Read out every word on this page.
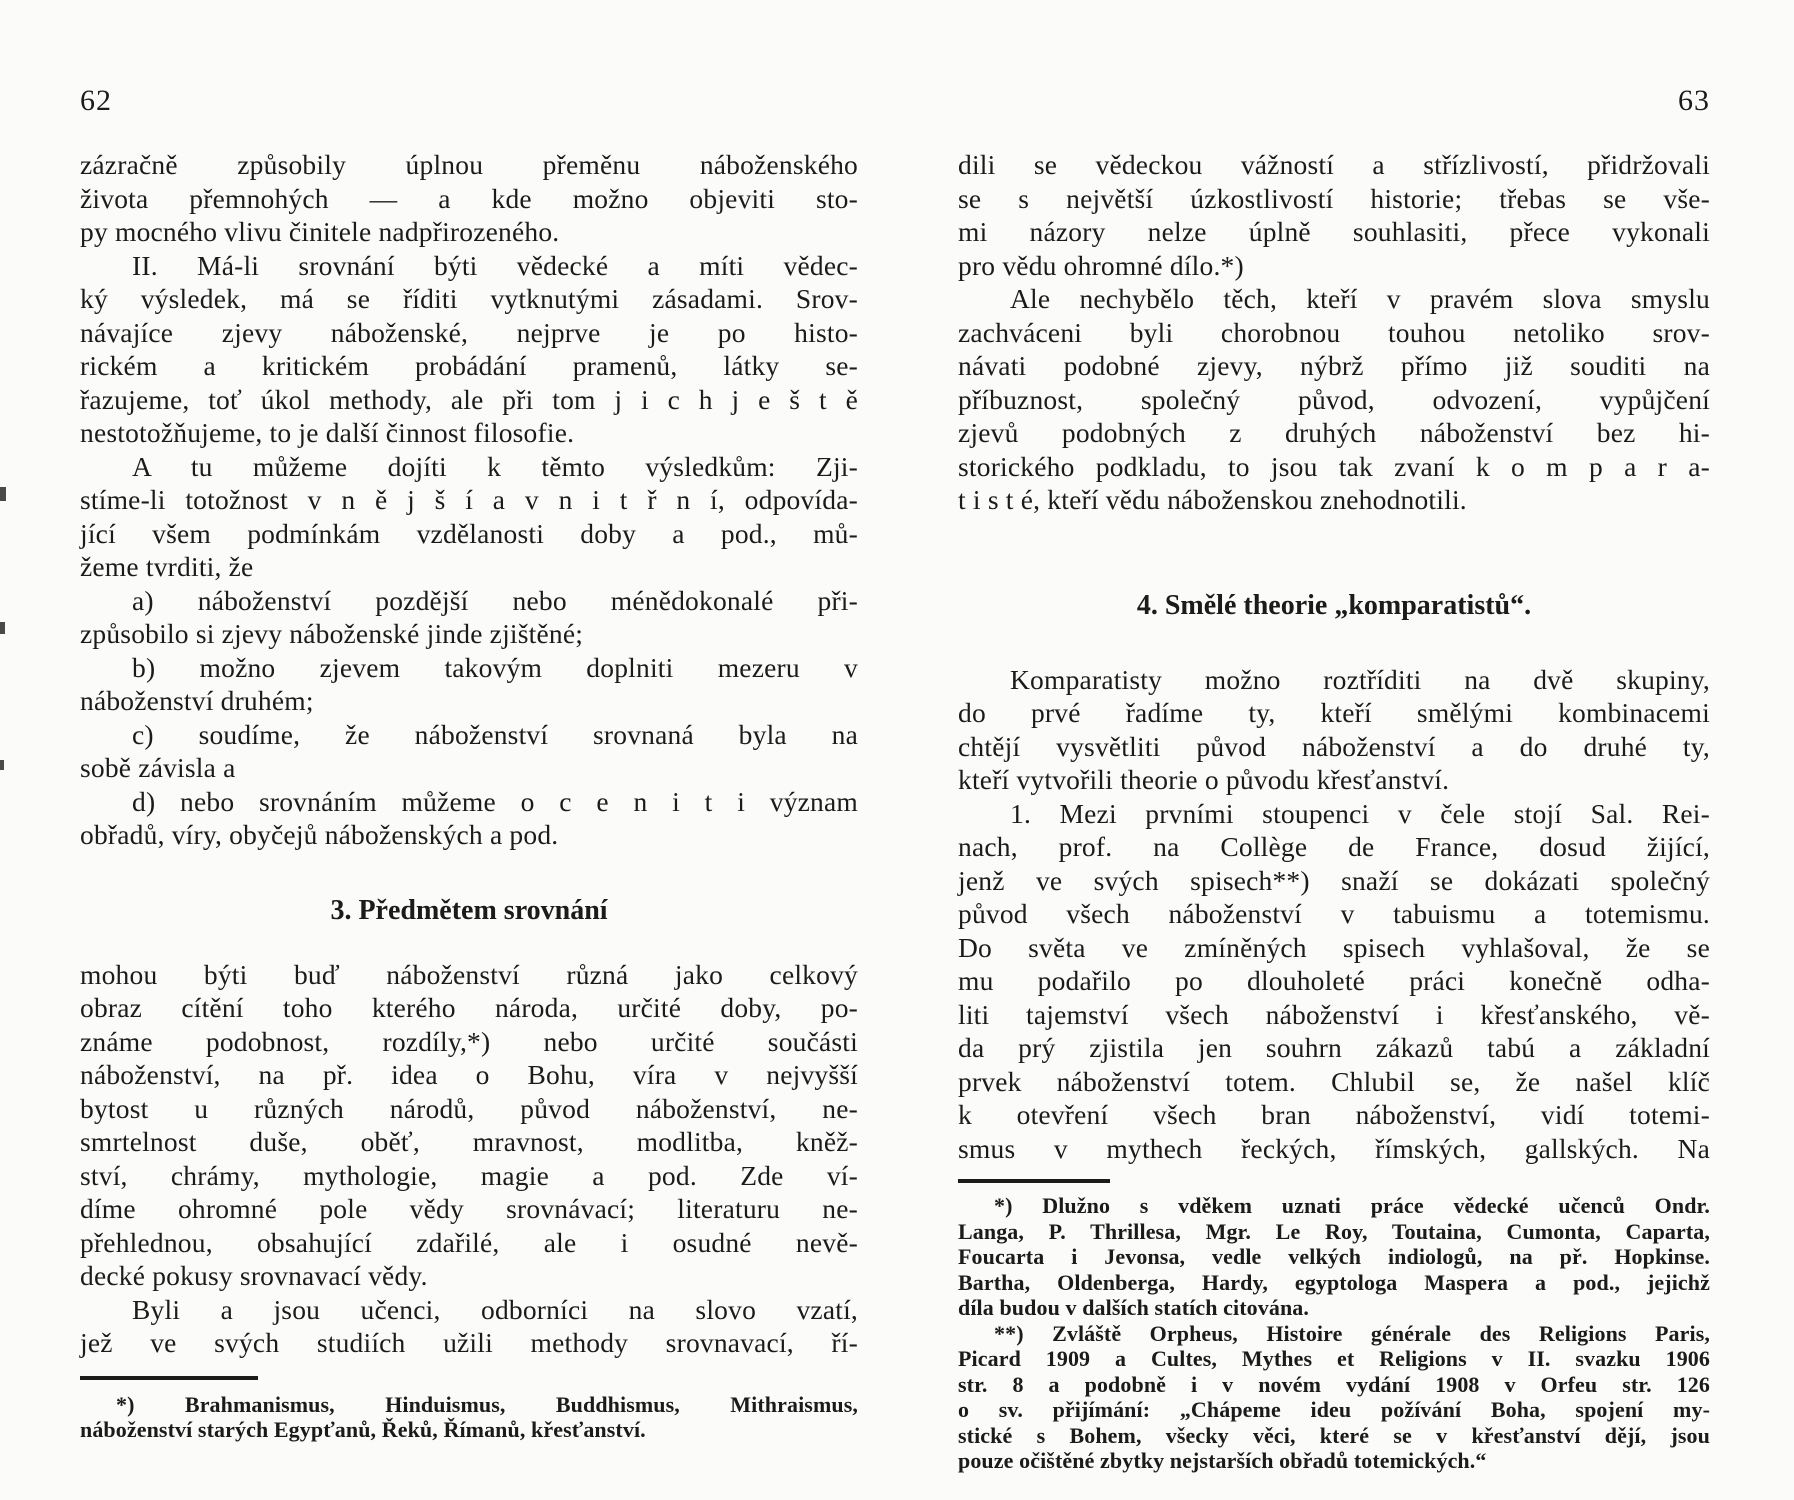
62
zázračně způsobily úplnou přeměnu náboženského
života přemnohých — a kde možno objeviti sto-
py mocného vlivu činitele nadpřirozeného.
II. Má-li srovnání býti vědecké a míti vědec-
ký výsledek, má se říditi vytknutými zásadami. Srov-
návajíce zjevy náboženské, nejprve je po histo-
rickém a kritickém probádání pramenů, látky se-
řazujeme, toť úkol methody, ale při tom j i c h j e š t ě
nestotožňujeme, to je další činnost filosofie.
A tu můžeme dojíti k těmto výsledkům: Zji-
stíme-li totožnost v n ě j š í a v n i t ř n í, odpovída-
jící všem podmínkám vzdělanosti doby a pod., mů-
žeme tvrditi, že
a) náboženství pozdější nebo ménědokonalé při-
způsobilo si zjevy náboženské jinde zjištěné;
b) možno zjevem takovým doplniti mezeru v
náboženství druhém;
c) soudíme, že náboženství srovnaná byla na
sobě závisla a
d) nebo srovnáním můžeme o c e n i t i význam
obřadů, víry, obyčejů náboženských a pod.
3. Předmětem srovnání
mohou býti buď náboženství různá jako celkový
obraz cítění toho kterého národa, určité doby, po-
známe podobnost, rozdíly,*) nebo určité součásti
náboženství, na př. idea o Bohu, víra v nejvyšší
bytost u různých národů, původ náboženství, ne-
smrtelnost duše, oběť, mravnost, modlitba, kněž-
ství, chrámy, mythologie, magie a pod. Zde ví-
díme ohromné pole vědy srovnávací; literaturu ne-
přehlednou, obsahující zdařilé, ale i osudné nevě-
decké pokusy srovnavací vědy.
Byli a jsou učenci, odborníci na slovo vzatí,
jež ve svých studiích užili methody srovnavací, ří-
*) Brahmanismus, Hinduismus, Buddhismus, Mithraismus,
náboženství starých Egypťanů, Řeků, Římanů, křesťanství.
63
dili se vědeckou vážností a střízlivostí, přidržovali
se s největší úzkostlivostí historie; třebas se vše-
mi názory nelze úplně souhlasiti, přece vykonali
pro vědu ohromné dílo.*)
Ale nechybělo těch, kteří v pravém slova smyslu
zachváceni byli chorobnou touhou netoliko srov-
návati podobné zjevy, nýbrž přímo již souditi na
příbuznost, společný původ, odvození, vypůjčení
zjevů podobných z druhých náboženství bez hi-
storického podkladu, to jsou tak zvaní k o m p a r a-
t i s t é, kteří vědu náboženskou znehodnotili.
4. Smělé theorie „komparatistů“.
Komparatisty možno roztříditi na dvě skupiny,
do prvé řadíme ty, kteří smělými kombinacemi
chtějí vysvětliti původ náboženství a do druhé ty,
kteří vytvořili theorie o původu křesťanství.
1. Mezi prvními stoupenci v čele stojí Sal. Rei-
nach, prof. na Collège de France, dosud žijící,
jenž ve svých spisech**) snaží se dokázati společný
původ všech náboženství v tabuismu a totemismu.
Do světa ve zmíněných spisech vyhlašoval, že se
mu podařilo po dlouholeté práci konečně odha-
liti tajemství všech náboženství i křesťanského, vě-
da prý zjistila jen souhrn zákazů tabú a základní
prvek náboženství totem. Chlubil se, že našel klíč
k otevření všech bran náboženství, vidí totemi-
smus v mythech řeckých, římských, gallských. Na
*) Dlužno s vděkem uznati práce vědecké učenců Ondr.
Langa, P. Thrillesa, Mgr. Le Roy, Toutaina, Cumonta, Caparta,
Foucarta i Jevonsa, vedle velkých indiologů, na př. Hopkinse.
Bartha, Oldenberga, Hardy, egyptologa Maspera a pod., jejichž
díla budou v dalších statích citována.
**) Zvláště Orpheus, Histoire générale des Religions Paris,
Picard 1909 a Cultes, Mythes et Religions v II. svazku 1906
str. 8 a podobně i v novém vydání 1908 v Orfeu str. 126
o sv. přijímání: „Chápeme ideu požívání Boha, spojení my-
stické s Bohem, všecky věci, které se v křesťanství dějí, jsou
pouze očištěné zbytky nejstarších obřadů totemických.“
